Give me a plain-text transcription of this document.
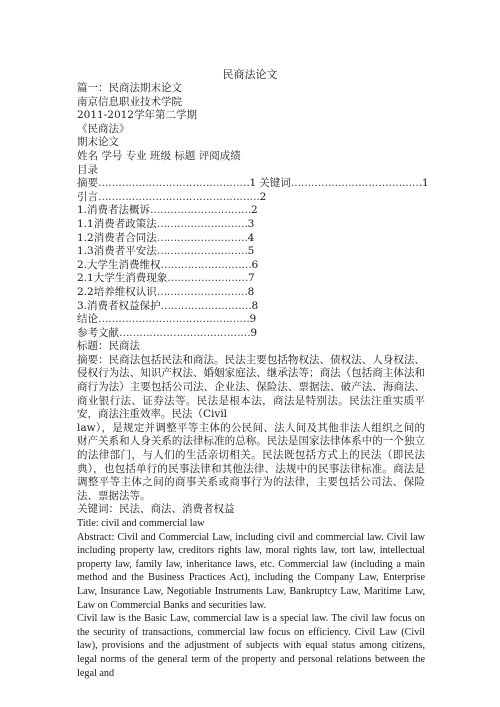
民商法论文
篇一：民商法期末论文
南京信息职业技术学院
2011-2012学年第二学期
《民商法》
期末论文
姓名 学号 专业 班级 标题 评阅成绩
目录
摘要 ……………………………………… 1 关键词 ………………………………… 1
引言 ………………………………………… 2
1.消费者法概诉 ………………………… 2
1.1消费者政策法 ……………………… 3
1.2消费者合同法 ……………………… 4
1.3消费者平安法 ……………………… 5
2.大学生消费维权 ……………………… 6
2.1大学生消费现象 …………………… 7
2.2培养维权认识 ……………………… 8
3.消费者权益保护 ……………………… 8
结论 ……………………………………… 9
参考文献 ………………………………… 9
标题：民商法
摘要：民商法包括民法和商法。民法主要包括物权法、债权法、人身权法、侵权行为法、知识产权法、婚姻家庭法、继承法等；商法（包括商主体法和商行为法）主要包括公司法、企业法、保险法、票据法、破产法、海商法、商业银行法、证券法等。民法是根本法，商法是特别法。民法注重实质平安，商法注重效率。民法（Civil
law），是规定并调整平等主体的公民间、法人间及其他非法人组织之间的财产关系和人身关系的法律标准的总称。民法是国家法律体系中的一个独立的法律部门，与人们的生活亲切相关。民法既包括方式上的民法（即民法典），也包括单行的民事法律和其他法律、法规中的民事法律标准。商法是调整平等主体之间的商事关系或商事行为的法律，主要包括公司法、保险法、票据法等。
关键词：民法、商法、消费者权益
Title: civil and commercial law
Abstract: Civil and Commercial Law, including civil and commercial law. Civil law including property law, creditors rights law, moral rights law, tort law, intellectual property law, family law, inheritance laws, etc. Commercial law (including a main method and the Business Practices Act), including the Company Law, Enterprise Law, Insurance Law, Negotiable Instruments Law, Bankruptcy Law, Maritime Law, Law on Commercial Banks and securities law.
Civil law is the Basic Law, commercial law is a special law. The civil law focus on the security of transactions, commercial law focus on efficiency. Civil Law (Civil law), provisions and the adjustment of subjects with equal status among citizens, legal norms of the general term of the property and personal relations between the legal and
